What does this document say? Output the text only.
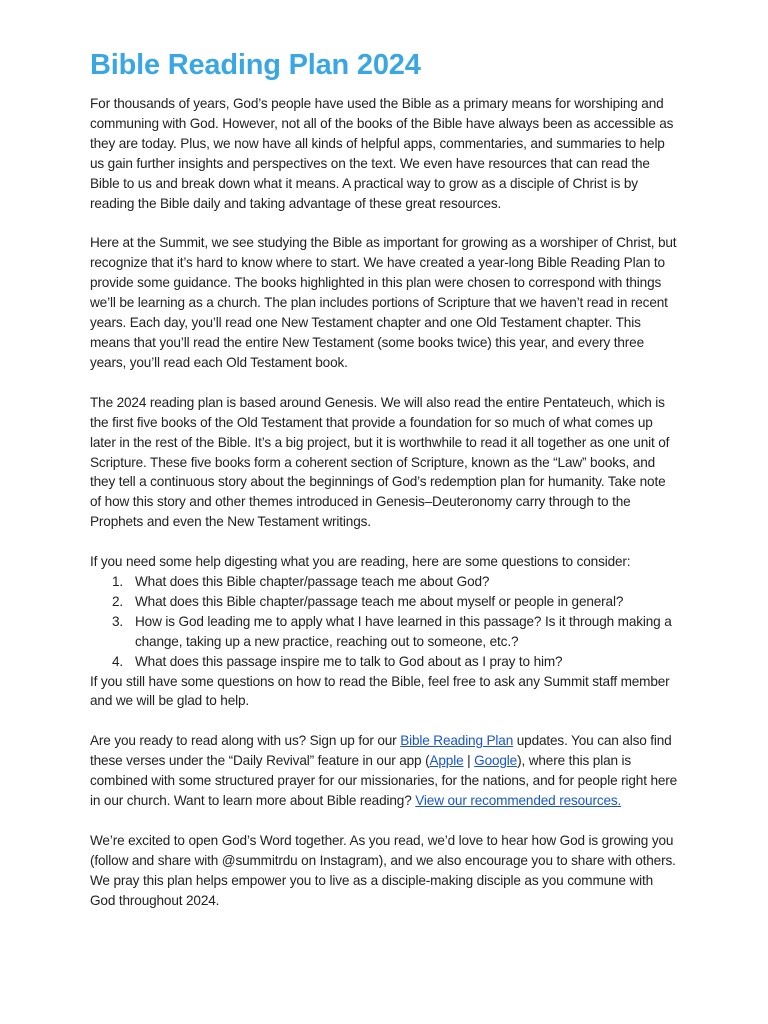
Bible Reading Plan 2024

For thousands of years, God’s people have used the Bible as a primary means for worshiping and communing with God. However, not all of the books of the Bible have always been as accessible as they are today. Plus, we now have all kinds of helpful apps, commentaries, and summaries to help us gain further insights and perspectives on the text. We even have resources that can read the Bible to us and break down what it means. A practical way to grow as a disciple of Christ is by reading the Bible daily and taking advantage of these great resources.

Here at the Summit, we see studying the Bible as important for growing as a worshiper of Christ, but recognize that it’s hard to know where to start. We have created a year-long Bible Reading Plan to provide some guidance. The books highlighted in this plan were chosen to correspond with things we’ll be learning as a church. The plan includes portions of Scripture that we haven’t read in recent years. Each day, you’ll read one New Testament chapter and one Old Testament chapter. This means that you’ll read the entire New Testament (some books twice) this year, and every three years, you’ll read each Old Testament book.

The 2024 reading plan is based around Genesis. We will also read the entire Pentateuch, which is the first five books of the Old Testament that provide a foundation for so much of what comes up later in the rest of the Bible. It’s a big project, but it is worthwhile to read it all together as one unit of Scripture. These five books form a coherent section of Scripture, known as the “Law” books, and they tell a continuous story about the beginnings of God’s redemption plan for humanity. Take note of how this story and other themes introduced in Genesis–Deuteronomy carry through to the Prophets and even the New Testament writings.

If you need some help digesting what you are reading, here are some questions to consider:

1. What does this Bible chapter/passage teach me about God?
2. What does this Bible chapter/passage teach me about myself or people in general?
3. How is God leading me to apply what I have learned in this passage? Is it through making a change, taking up a new practice, reaching out to someone, etc.?
4. What does this passage inspire me to talk to God about as I pray to him?

If you still have some questions on how to read the Bible, feel free to ask any Summit staff member and we will be glad to help.

Are you ready to read along with us? Sign up for our Bible Reading Plan updates. You can also find these verses under the “Daily Revival” feature in our app (Apple | Google), where this plan is combined with some structured prayer for our missionaries, for the nations, and for people right here in our church. Want to learn more about Bible reading? View our recommended resources.

We’re excited to open God’s Word together. As you read, we’d love to hear how God is growing you (follow and share with @summitrdu on Instagram), and we also encourage you to share with others. We pray this plan helps empower you to live as a disciple-making disciple as you commune with God throughout 2024.
